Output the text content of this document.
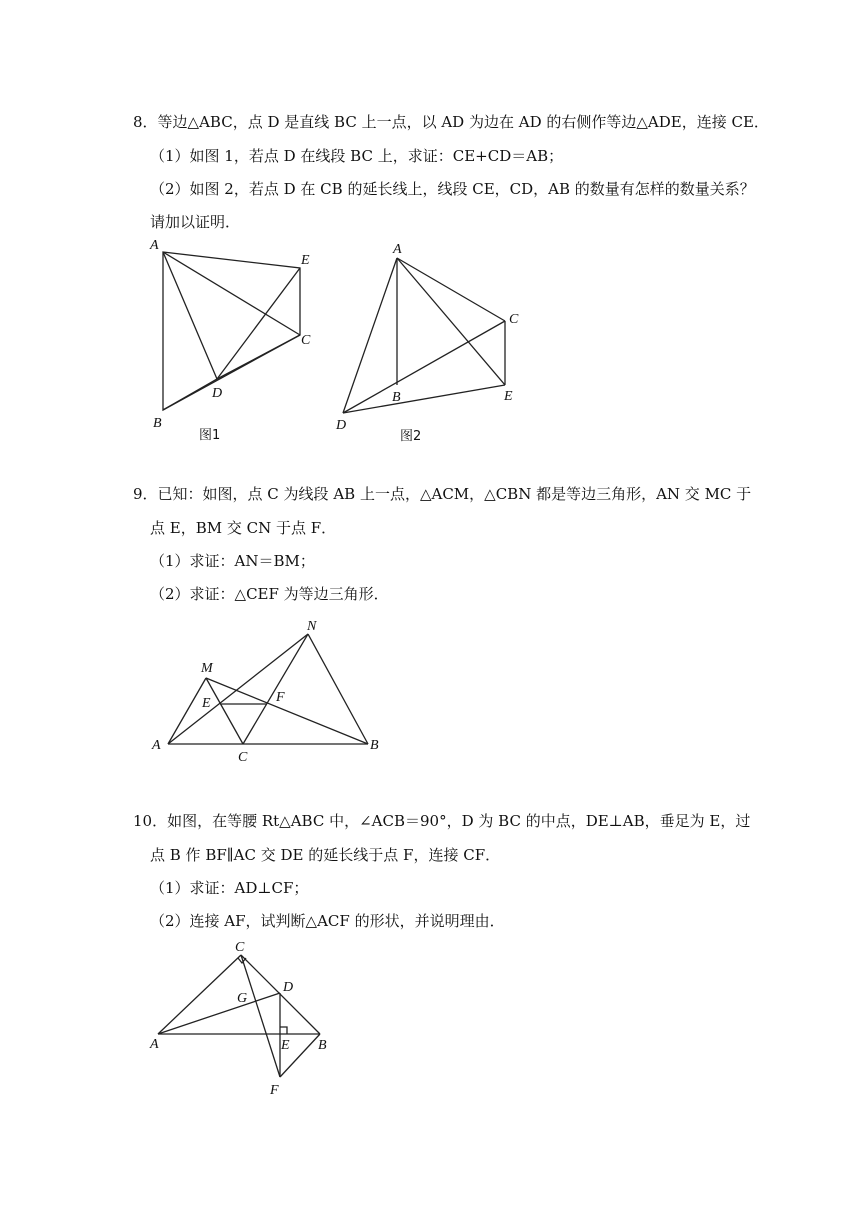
8．等边△ABC，点 D 是直线 BC 上一点，以 AD 为边在 AD 的右侧作等边△ADE，连接 CE．
（1）如图 1，若点 D 在线段 BC 上，求证：CE+CD＝AB；
（2）如图 2，若点 D 在 CB 的延长线上，线段 CE，CD，AB 的数量有怎样的数量关系？
请加以证明．
A
E
C
D
B
图1
A
C
B	E
D
图2
9．已知：如图，点 C 为线段 AB 上一点，△ACM，△CBN 都是等边三角形，AN 交 MC 于
点 E，BM 交 CN 于点 F．
（1）求证：AN＝BM；
（2）求证：△CEF 为等边三角形．
N
M
E	F
A
C
B
10．如图，在等腰 Rt△ABC 中，∠ACB＝90°，D 为 BC 的中点，DE⊥AB，垂足为 E，过
点 B 作 BF∥AC 交 DE 的延长线于点 F，连接 CF．
（1）求证：AD⊥CF；
（2）连接 AF，试判断△ACF 的形状，并说明理由．
C
D
G
A	E B
F
